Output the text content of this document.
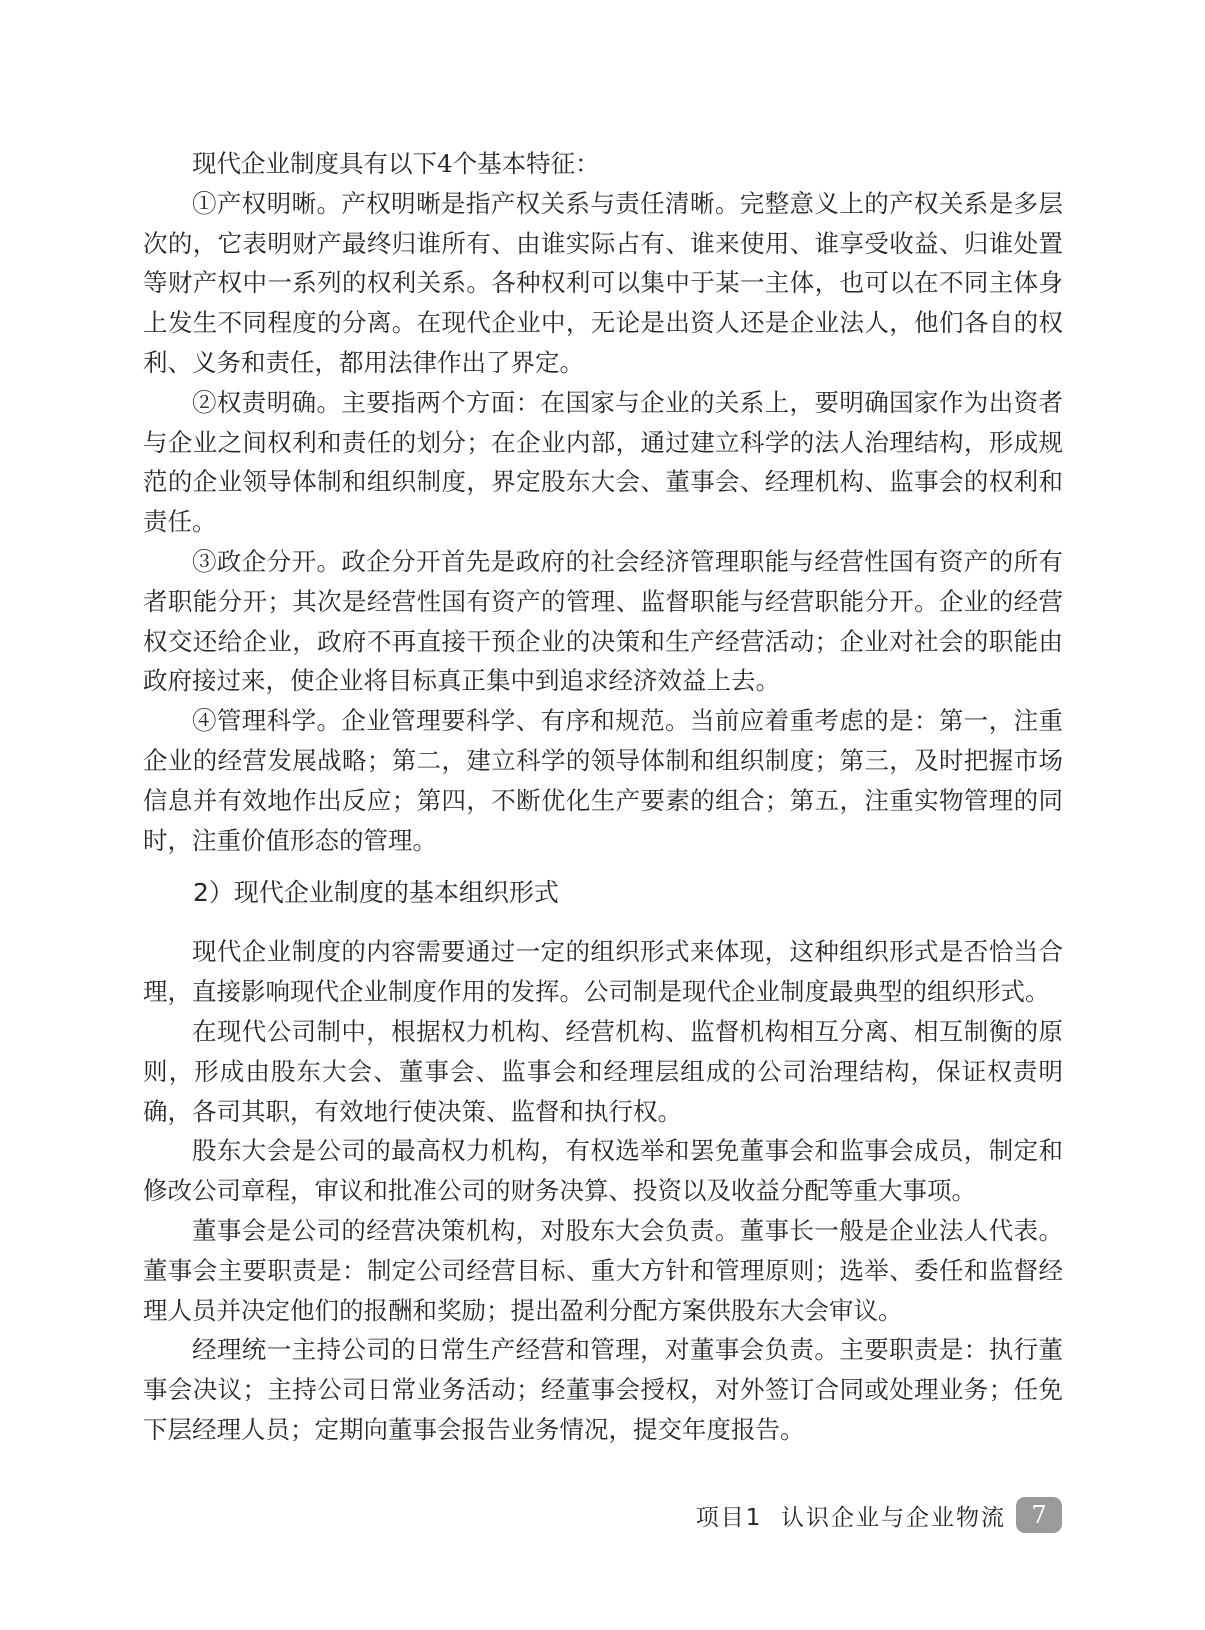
现代企业制度具有以下4个基本特征：

①产权明晰。产权明晰是指产权关系与责任清晰。完整意义上的产权关系是多层次的，它表明财产最终归谁所有、由谁实际占有、谁来使用、谁享受收益、归谁处置等财产权中一系列的权利关系。各种权利可以集中于某一主体，也可以在不同主体身上发生不同程度的分离。在现代企业中，无论是出资人还是企业法人，他们各自的权利、义务和责任，都用法律作出了界定。

②权责明确。主要指两个方面：在国家与企业的关系上，要明确国家作为出资者与企业之间权利和责任的划分；在企业内部，通过建立科学的法人治理结构，形成规范的企业领导体制和组织制度，界定股东大会、董事会、经理机构、监事会的权利和责任。

③政企分开。政企分开首先是政府的社会经济管理职能与经营性国有资产的所有者职能分开；其次是经营性国有资产的管理、监督职能与经营职能分开。企业的经营权交还给企业，政府不再直接干预企业的决策和生产经营活动；企业对社会的职能由政府接过来，使企业将目标真正集中到追求经济效益上去。

④管理科学。企业管理要科学、有序和规范。当前应着重考虑的是：第一，注重企业的经营发展战略；第二，建立科学的领导体制和组织制度；第三，及时把握市场信息并有效地作出反应；第四，不断优化生产要素的组合；第五，注重实物管理的同时，注重价值形态的管理。

2）现代企业制度的基本组织形式

现代企业制度的内容需要通过一定的组织形式来体现，这种组织形式是否恰当合理，直接影响现代企业制度作用的发挥。公司制是现代企业制度最典型的组织形式。

在现代公司制中，根据权力机构、经营机构、监督机构相互分离、相互制衡的原则，形成由股东大会、董事会、监事会和经理层组成的公司治理结构，保证权责明确，各司其职，有效地行使决策、监督和执行权。

股东大会是公司的最高权力机构，有权选举和罢免董事会和监事会成员，制定和修改公司章程，审议和批准公司的财务决算、投资以及收益分配等重大事项。

董事会是公司的经营决策机构，对股东大会负责。董事长一般是企业法人代表。董事会主要职责是：制定公司经营目标、重大方针和管理原则；选举、委任和监督经理人员并决定他们的报酬和奖励；提出盈利分配方案供股东大会审议。

经理统一主持公司的日常生产经营和管理，对董事会负责。主要职责是：执行董事会决议；主持公司日常业务活动；经董事会授权，对外签订合同或处理业务；任免下层经理人员；定期向董事会报告业务情况，提交年度报告。

项目1  认识企业与企业物流	7
